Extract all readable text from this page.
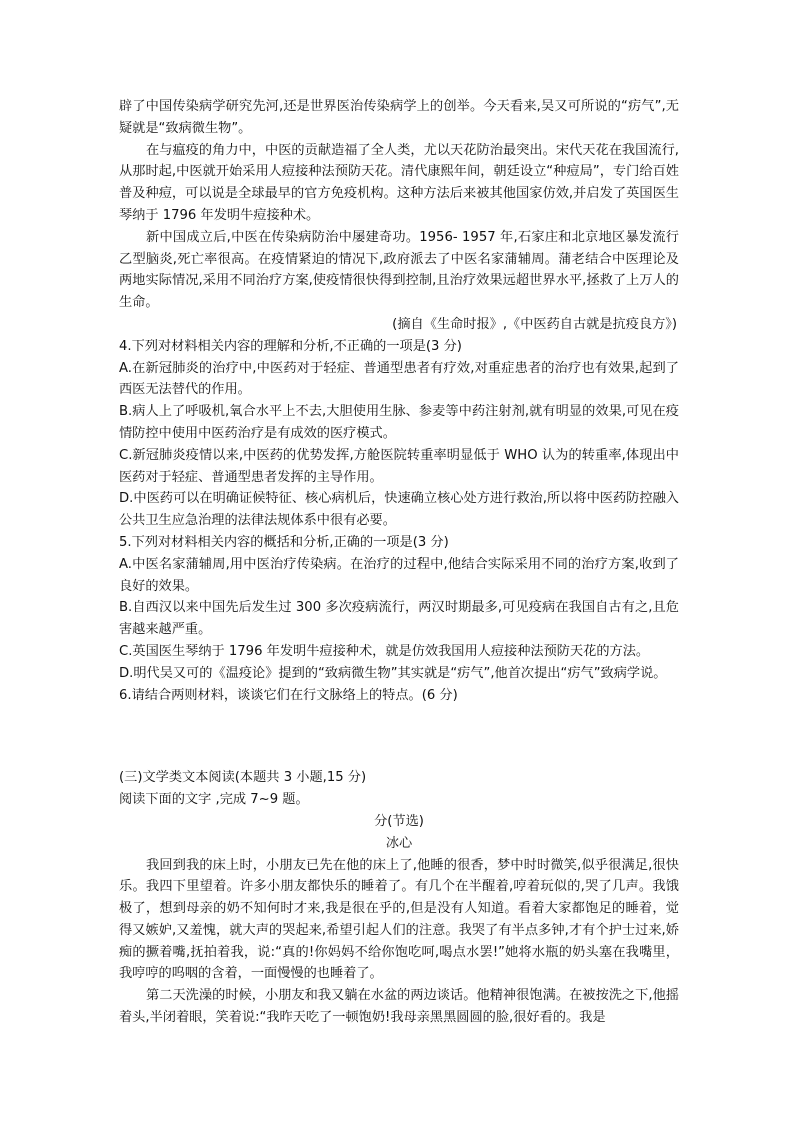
辟了中国传染病学研究先河,还是世界医治传染病学上的创举。今天看来,吴又可所说的“疠气”,无疑就是“致病微生物”。

在与瘟疫的角力中，中医的贡献造福了全人类，尤以天花防治最突出。宋代天花在我国流行,从那时起,中医就开始采用人痘接种法预防天花。清代康熙年间，朝廷设立“种痘局”，专门给百姓普及种痘，可以说是全球最早的官方免疫机构。这种方法后来被其他国家仿效,并启发了英国医生琴纳于 1796 年发明牛痘接种术。

新中国成立后,中医在传染病防治中屡建奇功。1956- 1957 年,石家庄和北京地区暴发流行乙型脑炎,死亡率很高。在疫情紧迫的情况下,政府派去了中医名家蒲辅周。蒲老结合中医理论及两地实际情况,采用不同治疗方案,使疫情很快得到控制,且治疗效果远超世界水平,拯救了上万人的生命。

(摘自《生命时报》,《中医药自古就是抗疫良方》)

4.下列对材料相关内容的理解和分析,不正确的一项是(3 分)

A.在新冠肺炎的治疗中,中医药对于轻症、普通型患者有疗效,对重症患者的治疗也有效果,起到了西医无法替代的作用。

B.病人上了呼吸机,氧合水平上不去,大胆使用生脉、参麦等中药注射剂,就有明显的效果,可见在疫情防控中使用中医药治疗是有成效的医疗模式。

C.新冠肺炎疫情以来,中医药的优势发挥,方舱医院转重率明显低于 WHO 认为的转重率,体现出中医药对于轻症、普通型患者发挥的主导作用。

D.中医药可以在明确证候特征、核心病机后，快速确立核心处方进行救治,所以将中医药防控融入公共卫生应急治理的法律法规体系中很有必要。

5.下列对材料相关内容的概括和分析,正确的一项是(3 分)

A.中医名家蒲辅周,用中医治疗传染病。在治疗的过程中,他结合实际采用不同的治疗方案,收到了良好的效果。

B.自西汉以来中国先后发生过 300 多次疫病流行，两汉时期最多,可见疫病在我国自古有之,且危害越来越严重。

C.英国医生琴纳于 1796 年发明牛痘接种术，就是仿效我国用人痘接种法预防天花的方法。

D.明代吴又可的《温疫论》提到的“致病微生物”其实就是“疠气”,他首次提出“疠气”致病学说。

6.请结合两则材料，谈谈它们在行文脉络上的特点。(6 分)

(三)文学类文本阅读(本题共 3 小题,15 分)

阅读下面的文字 ,完成 7~9 题。

分(节选)

冰心

我回到我的床上时，小朋友已先在他的床上了,他睡的很香，梦中时时微笑,似乎很满足,很快乐。我四下里望着。许多小朋友都快乐的睡着了。有几个在半醒着,哼着玩似的,哭了几声。我饿极了，想到母亲的奶不知何时才来,我是很在乎的,但是没有人知道。看着大家都饱足的睡着，觉得又嫉妒,又羞愧，就大声的哭起来,希望引起人们的注意。我哭了有半点多钟,才有个护士过来,娇痴的撅着嘴,抚拍着我，说:“真的!你妈妈不给你饱吃呵,喝点水罢!”她将水瓶的奶头塞在我嘴里，我哼哼的呜咽的含着，一面慢慢的也睡着了。

第二天洗澡的时候，小朋友和我又躺在水盆的两边谈话。他精神很饱满。在被按洗之下,他摇着头,半闭着眼，笑着说:“我昨天吃了一顿饱奶!我母亲黑黑圆圆的脸,很好看的。我是
